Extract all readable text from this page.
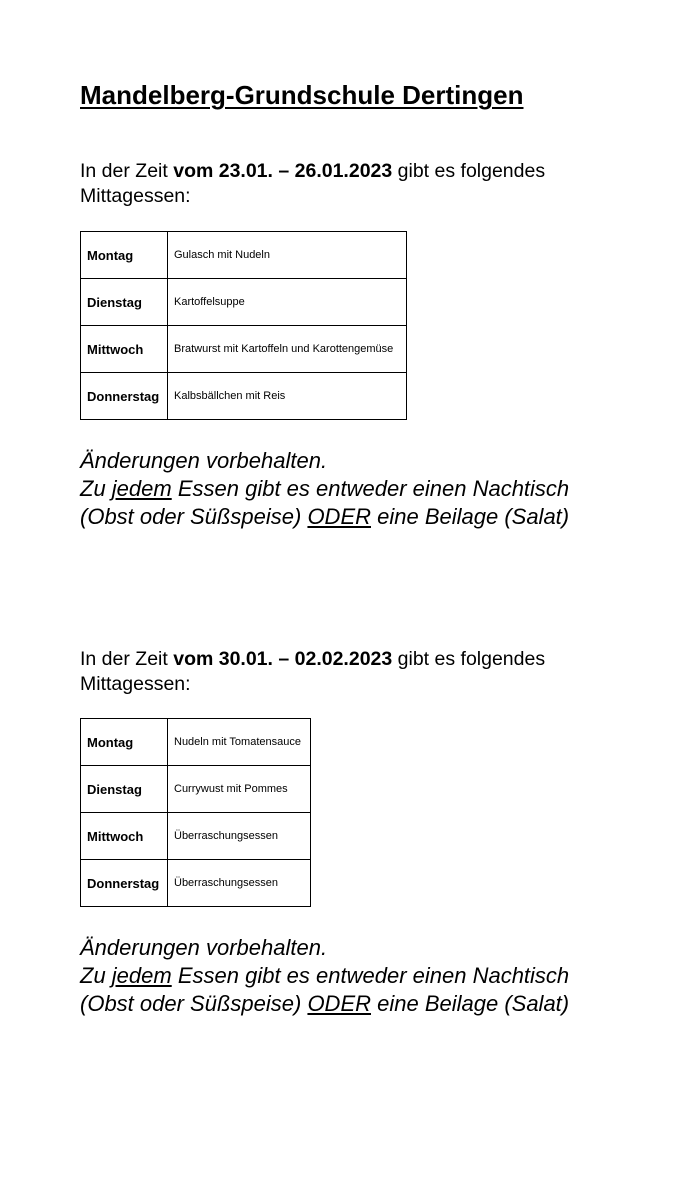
Mandelberg-Grundschule Dertingen

In der Zeit vom 23.01. – 26.01.2023 gibt es folgendes Mittagessen:

Montag	Gulasch mit Nudeln
Dienstag	Kartoffelsuppe
Mittwoch	Bratwurst mit Kartoffeln und Karottengemüse
Donnerstag	Kalbsbällchen mit Reis

Änderungen vorbehalten.

Zu jedem Essen gibt es entweder einen Nachtisch

(Obst oder Süßspeise) ODER eine Beilage (Salat)

In der Zeit vom 30.01. – 02.02.2023 gibt es folgendes Mittagessen:

Montag	Nudeln mit Tomatensauce
Dienstag	Currywust mit Pommes
Mittwoch	Überraschungsessen
Donnerstag	Überraschungsessen

Änderungen vorbehalten.

Zu jedem Essen gibt es entweder einen Nachtisch

(Obst oder Süßspeise) ODER eine Beilage (Salat)
